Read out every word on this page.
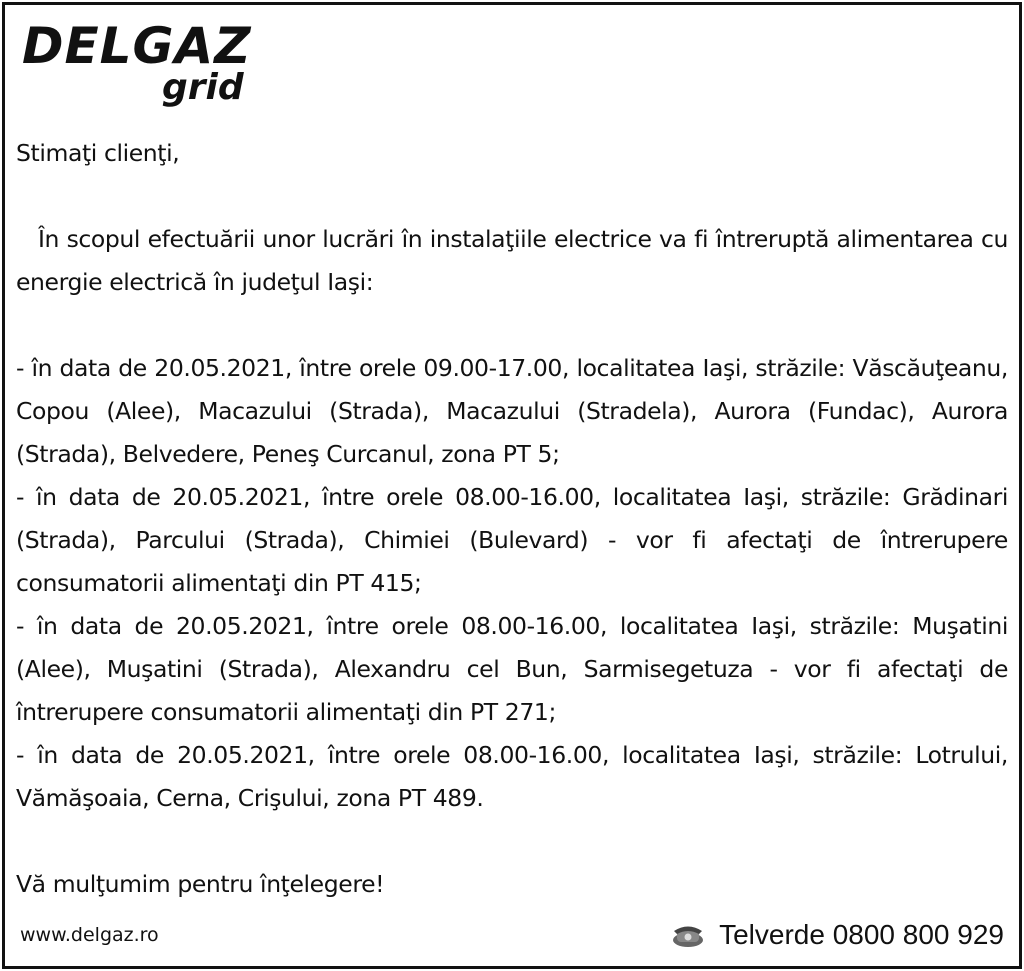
DELGAZ
grid

Stimaţi clienţi,

În scopul efectuării unor lucrări în instalaţiile electrice va fi întreruptă alimentarea cu energie electrică în judeţul Iaşi:

- în data de 20.05.2021, între orele 09.00-17.00, localitatea Iaşi, străzile: Văscăuţeanu, Copou (Alee), Macazului (Strada), Macazului (Stradela), Aurora (Fundac), Aurora (Strada), Belvedere, Peneş Curcanul, zona PT 5;

- în data de 20.05.2021, între orele 08.00-16.00, localitatea Iaşi, străzile: Grădinari (Strada), Parcului (Strada), Chimiei (Bulevard) - vor fi afectaţi de întrerupere consumatorii alimentaţi din PT 415;

- în data de 20.05.2021, între orele 08.00-16.00, localitatea Iaşi, străzile: Muşatini (Alee), Muşatini (Strada), Alexandru cel Bun, Sarmisegetuza - vor fi afectaţi de întrerupere consumatorii alimentaţi din PT 271;

- în data de 20.05.2021, între orele 08.00-16.00, localitatea Iaşi, străzile: Lotrului, Vămăşoaia, Cerna, Crişului, zona PT 489.

Vă mulţumim pentru înţelegere!

www.delgaz.ro	Telverde 0800 800 929
